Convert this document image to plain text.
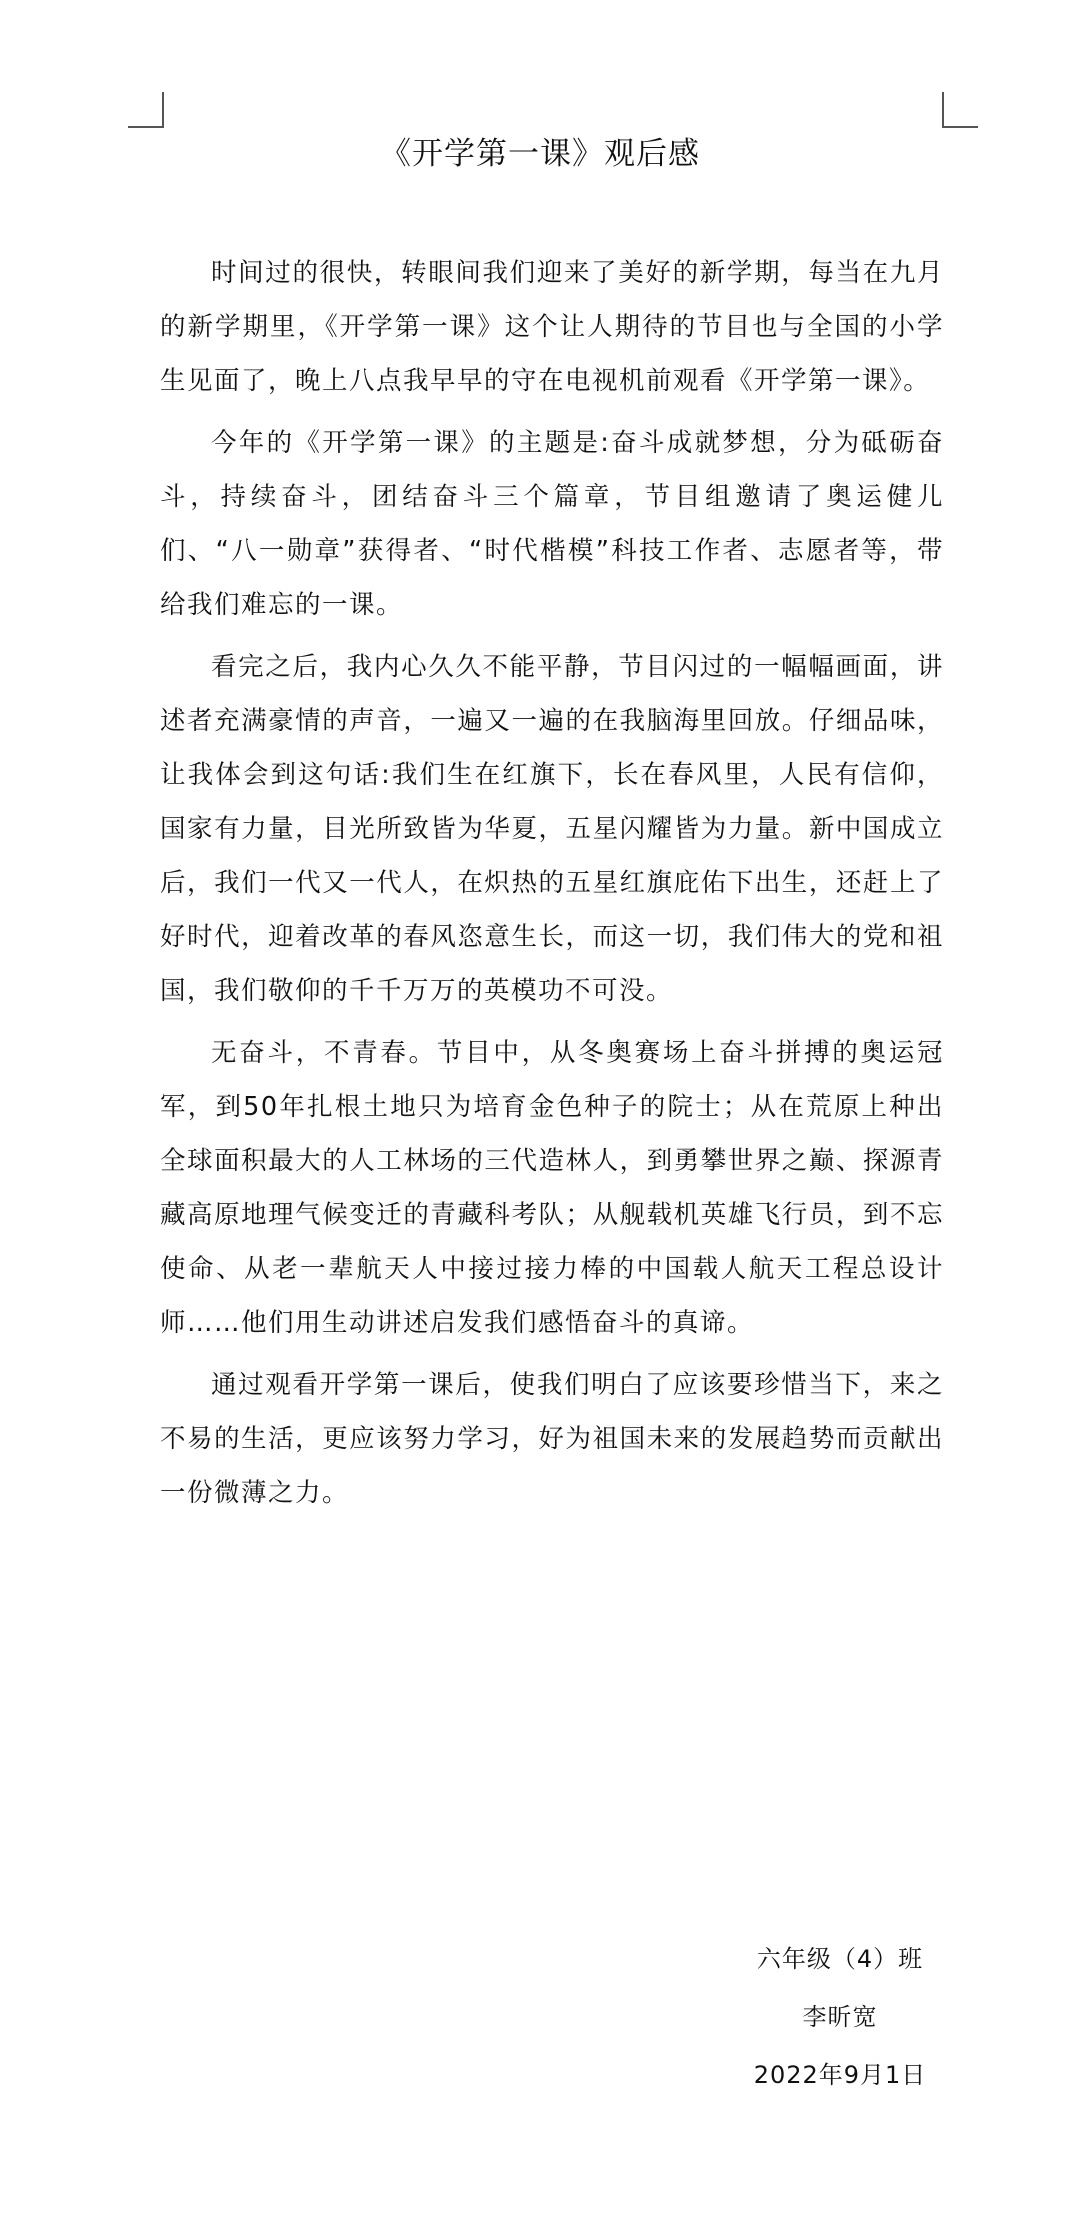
《开学第一课》观后感

时间过的很快，转眼间我们迎来了美好的新学期，每当在九月的新学期里，《开学第一课》这个让人期待的节目也与全国的小学生见面了，晚上八点我早早的守在电视机前观看《开学第一课》。

今年的《开学第一课》的主题是:奋斗成就梦想，分为砥砺奋斗，持续奋斗，团结奋斗三个篇章，节目组邀请了奥运健儿们、“八一勋章”获得者、“时代楷模”科技工作者、志愿者等，带给我们难忘的一课。

看完之后，我内心久久不能平静，节目闪过的一幅幅画面，讲述者充满豪情的声音，一遍又一遍的在我脑海里回放。仔细品味，让我体会到这句话:我们生在红旗下，长在春风里，人民有信仰，国家有力量，目光所致皆为华夏，五星闪耀皆为力量。新中国成立后，我们一代又一代人，在炽热的五星红旗庇佑下出生，还赶上了好时代，迎着改革的春风恣意生长，而这一切，我们伟大的党和祖国，我们敬仰的千千万万的英模功不可没。

无奋斗，不青春。节目中，从冬奥赛场上奋斗拼搏的奥运冠军，到50年扎根土地只为培育金色种子的院士；从在荒原上种出全球面积最大的人工林场的三代造林人，到勇攀世界之巅、探源青藏高原地理气候变迁的青藏科考队；从舰载机英雄飞行员，到不忘使命、从老一辈航天人中接过接力棒的中国载人航天工程总设计师……他们用生动讲述启发我们感悟奋斗的真谛。

通过观看开学第一课后，使我们明白了应该要珍惜当下，来之不易的生活，更应该努力学习，好为祖国未来的发展趋势而贡献出一份微薄之力。

六年级（4）班
李昕宽
2022年9月1日
